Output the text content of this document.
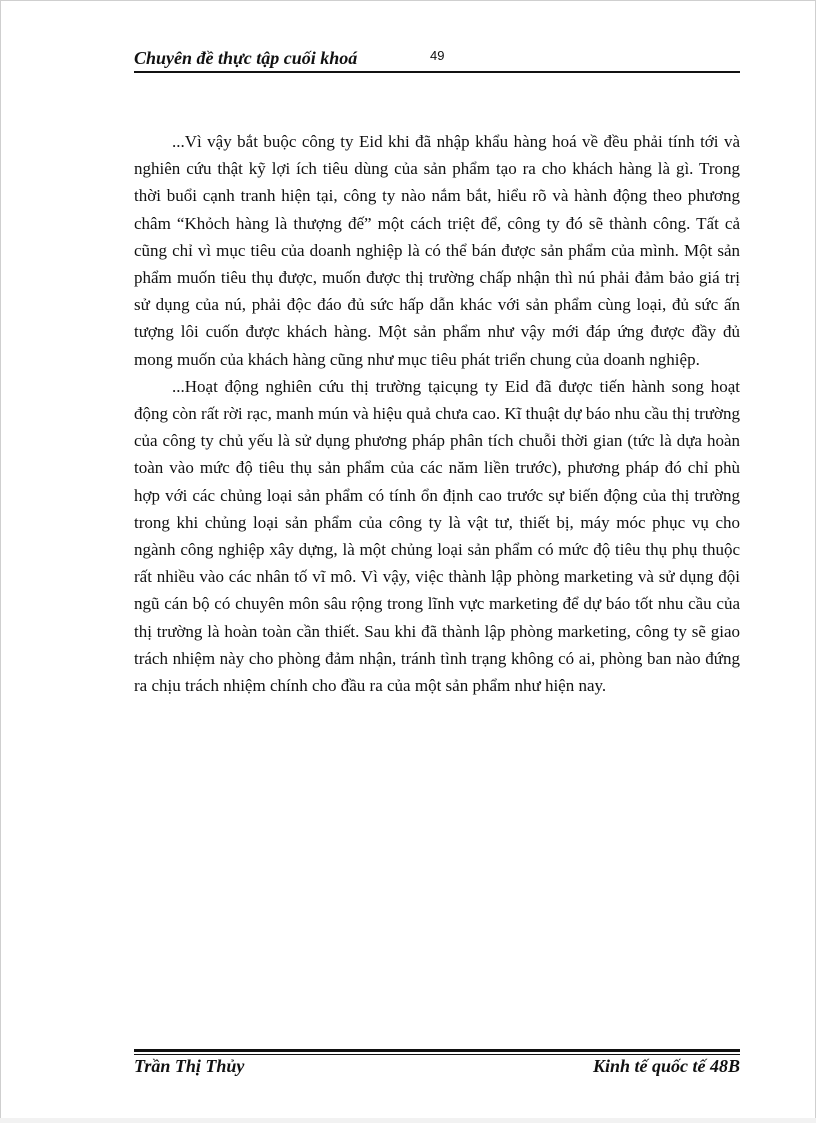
Chuyên đề thực tập cuối khoá	49

...Vì vậy bắt buộc công ty Eid khi đã nhập khẩu hàng hoá về đều phải tính tới và nghiên cứu thật kỹ lợi ích tiêu dùng của sản phẩm tạo ra cho khách hàng là gì. Trong thời buổi cạnh tranh hiện tại, công ty nào nắm bắt, hiểu rõ và hành động theo phương châm “Khỏch hàng là thượng đế” một cách triệt để, công ty đó sẽ thành công. Tất cả cũng chỉ vì mục tiêu của doanh nghiệp là có thể bán được sản phẩm của mình. Một sản phẩm muốn tiêu thụ được, muốn được thị trường chấp nhận thì nú phải đảm bảo giá trị sử dụng của nú, phải độc đáo đủ sức hấp dẫn khác với sản phẩm cùng loại, đủ sức ấn tượng lôi cuốn được khách hàng. Một sản phẩm như vậy mới đáp ứng được đầy đủ mong muốn của khách hàng cũng như mục tiêu phát triển chung của doanh nghiệp.

...Hoạt động nghiên cứu thị trường tạicụng ty Eid đã được tiến hành song hoạt động còn rất rời rạc, manh mún và hiệu quả chưa cao. Kĩ thuật dự báo nhu cầu thị trường của công ty chủ yếu là sử dụng phương pháp phân tích chuỗi thời gian (tức là dựa hoàn toàn vào mức độ tiêu thụ sản phẩm của các năm liền trước), phương pháp đó chỉ phù hợp với các chủng loại sản phẩm có tính ổn định cao trước sự biến động của thị trường trong khi chủng loại sản phẩm của công ty là vật tư, thiết bị, máy móc phục vụ cho ngành công nghiệp xây dựng, là một chủng loại sản phẩm có mức độ tiêu thụ phụ thuộc rất nhiều vào các nhân tố vĩ mô. Vì vậy, việc thành lập phòng marketing và sử dụng đội ngũ cán bộ có chuyên môn sâu rộng trong lĩnh vực marketing để dự báo tốt nhu cầu của thị trường là hoàn toàn cần thiết. Sau khi đã thành lập phòng marketing, công ty sẽ giao trách nhiệm này cho phòng đảm nhận, tránh tình trạng không có ai, phòng ban nào đứng ra chịu trách nhiệm chính cho đầu ra của một sản phẩm như hiện nay.

Trần Thị Thủy	Kinh tế quốc tế 48B
